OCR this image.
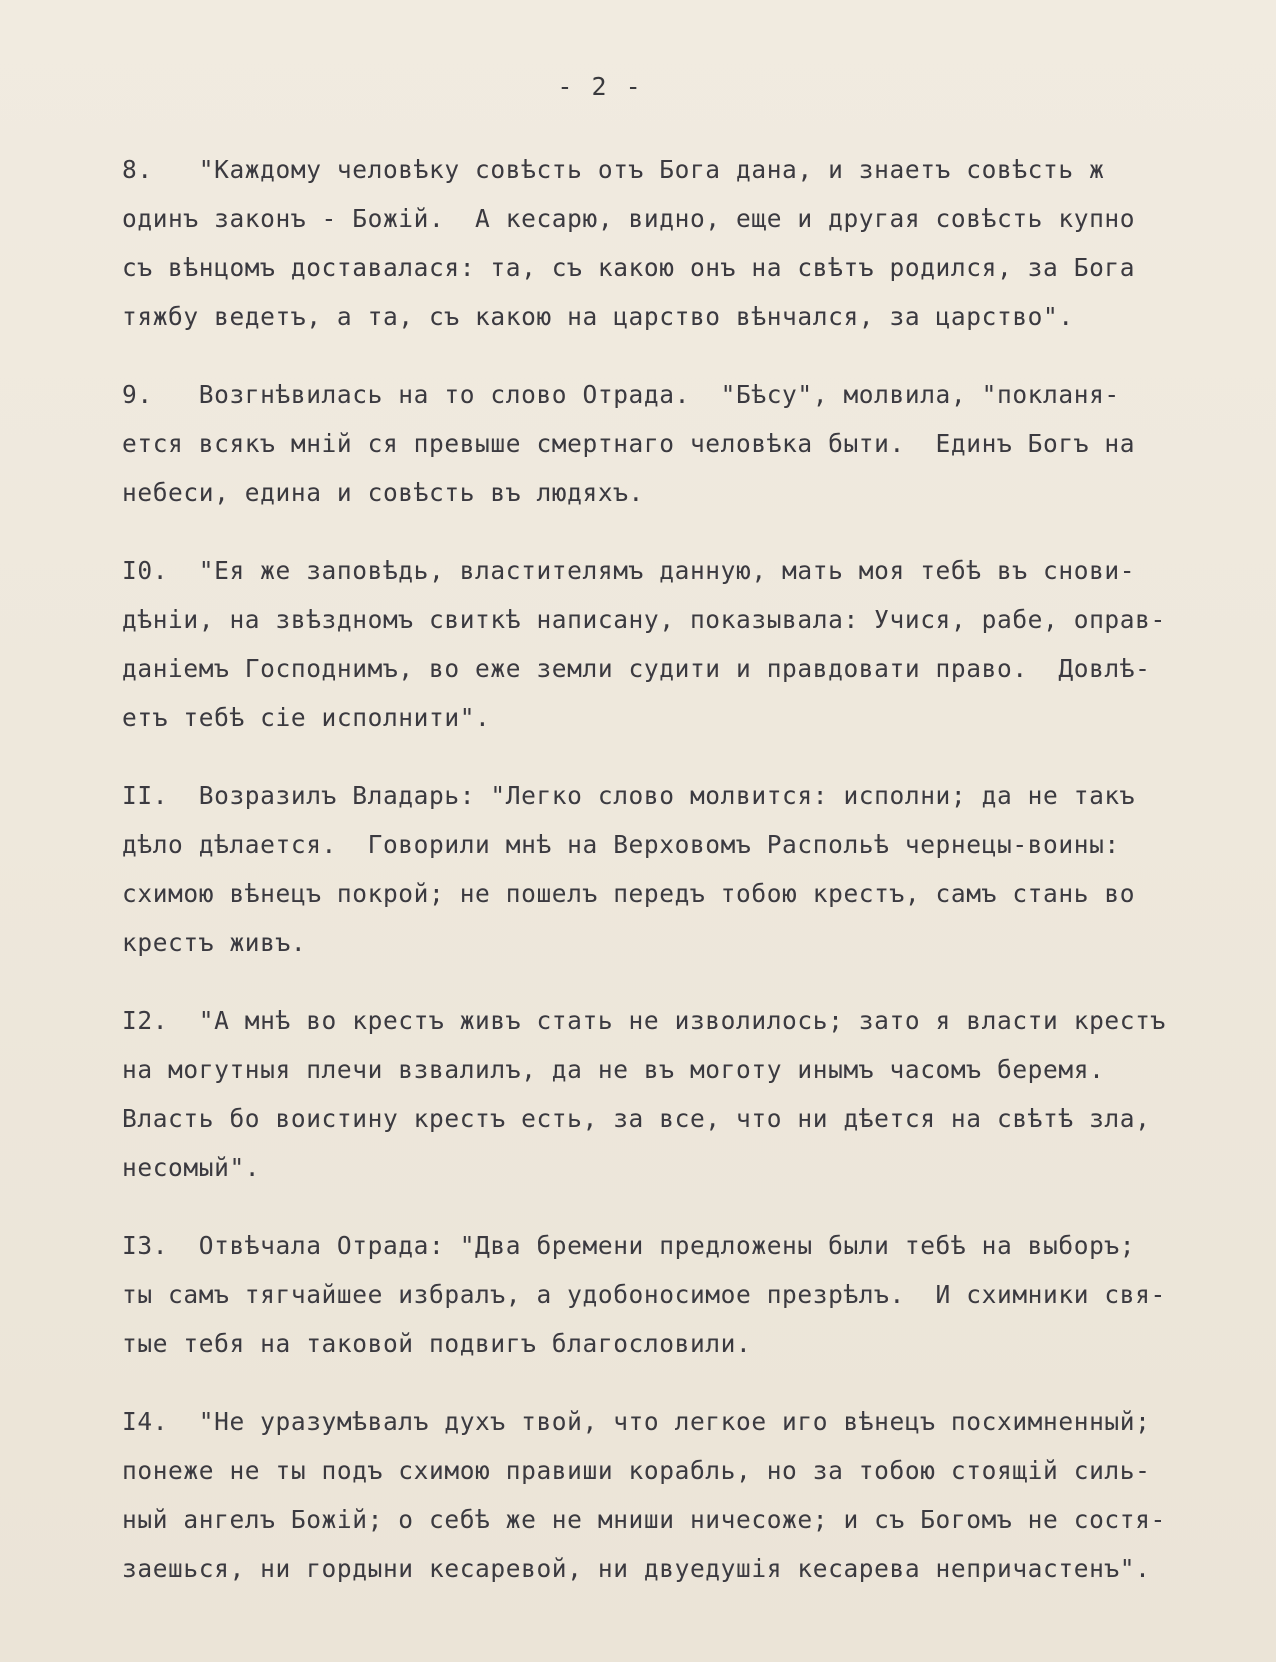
- 2 -
8.   "Каждому человѣку совѣсть отъ Бога дана, и знаетъ совѣсть ж
одинъ законъ - Божій.  А кесарю, видно, еще и другая совѣсть купно
съ вѣнцомъ доставалася: та, съ какою онъ на свѣтъ родился, за Бога
тяжбу ведетъ, а та, съ какою на царство вѣнчался, за царство".
9.   Возгнѣвилась на то слово Отрада.  "Бѣсу", молвила, "покланя-
ется всякъ мнiй ся превыше смертнаго человѣка быти.  Единъ Богъ на
небеси, едина и совѣсть въ людяхъ.
I0.  "Ея же заповѣдь, властителямъ данную, мать моя тебѣ въ снови-
дѣніи, на звѣздномъ свиткѣ написану, показывала: Учися, рабе, оправ-
даніемъ Господнимъ, во еже земли судити и правдовати право.  Довлѣ-
етъ тебѣ сіе исполнити".
II.  Возразилъ Владарь: "Легко слово молвится: исполни; да не такъ
дѣло дѣлается.  Говорили мнѣ на Верховомъ Распольѣ чернецы-воины:
схимою вѣнецъ покрой; не пошелъ передъ тобою крестъ, самъ стань во
крестъ живъ.
I2.  "А мнѣ во крестъ живъ стать не изволилось; зато я власти крестъ
на могутныя плечи взвалилъ, да не въ моготу инымъ часомъ беремя.
Власть бо воистину крестъ есть, за все, что ни дѣется на свѣтѣ зла,
несомый".
I3.  Отвѣчала Отрада: "Два бремени предложены были тебѣ на выборъ;
ты самъ тягчайшее избралъ, а удобоносимое презрѣлъ.  И схимники свя-
тые тебя на таковой подвигъ благословили.
I4.  "Не уразумѣвалъ духъ твой, что легкое иго вѣнецъ посхимненный;
понеже не ты подъ схимою правиши корабль, но за тобою стоящій силь-
ный ангелъ Божій; о себѣ же не мниши ничесоже; и съ Богомъ не состя-
заешься, ни гордыни кесаревой, ни двуедушія кесарева непричастенъ".
